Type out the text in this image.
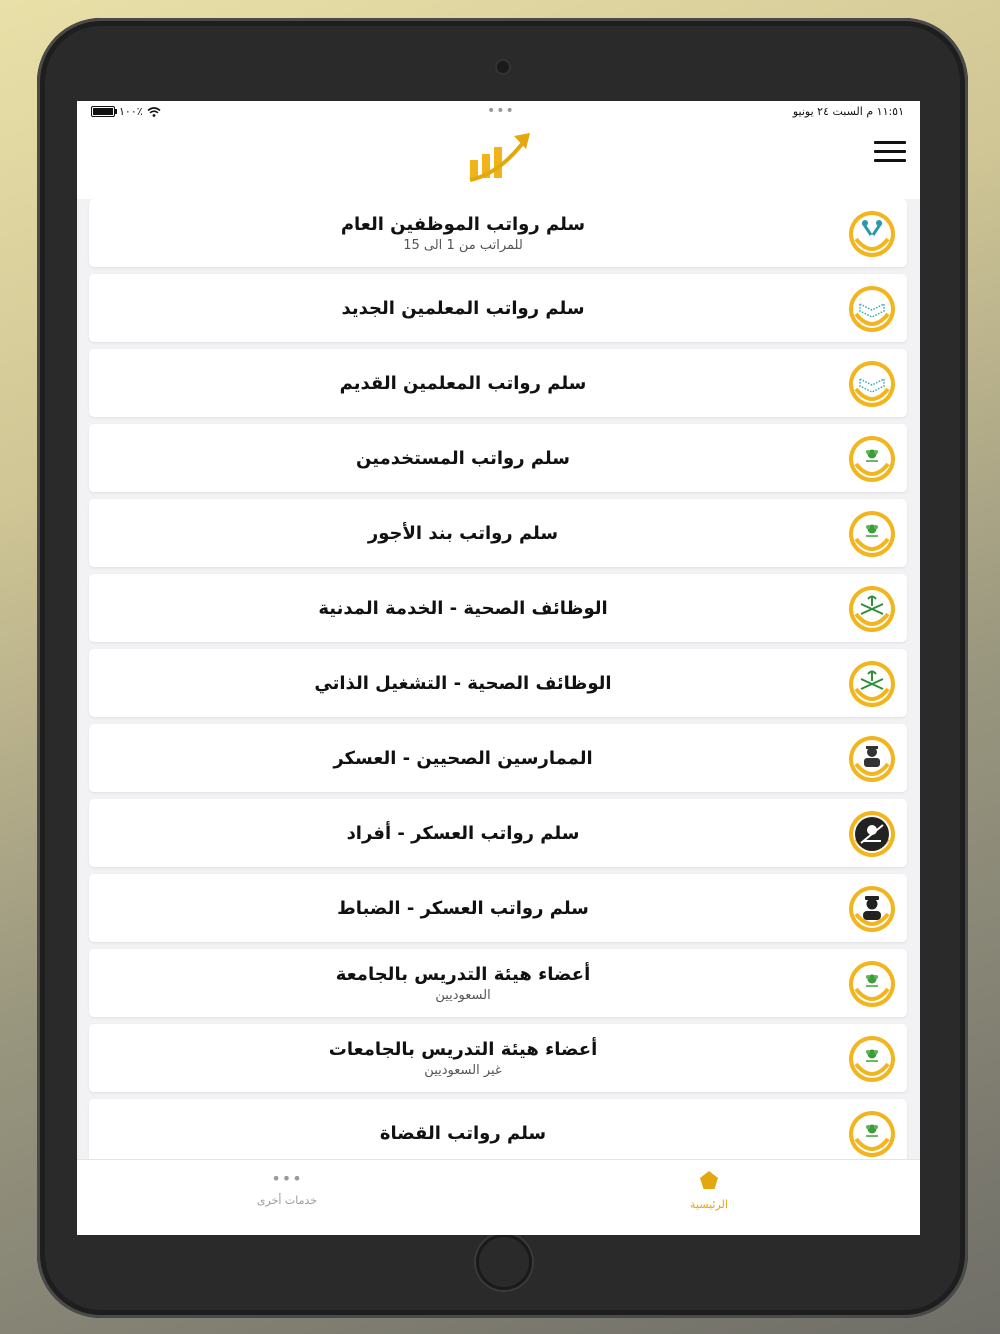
١١:٥١ م السبت ٢٤ يونيو
•••
١٠٠٪
سلم رواتب الموظفين العام
للمراتب من 1 الى 15
سلم رواتب المعلمين الجديد
سلم رواتب المعلمين القديم
سلم رواتب المستخدمين
سلم رواتب بند الأجور
الوظائف الصحية - الخدمة المدنية
الوظائف الصحية - التشغيل الذاتي
الممارسين الصحيين - العسكر
سلم رواتب العسكر - أفراد
سلم رواتب العسكر - الضباط
أعضاء هيئة التدريس بالجامعة
السعوديين
أعضاء هيئة التدريس بالجامعات
غير السعوديين
سلم رواتب القضاة
•••
خدمات أخرى	الرئيسية
